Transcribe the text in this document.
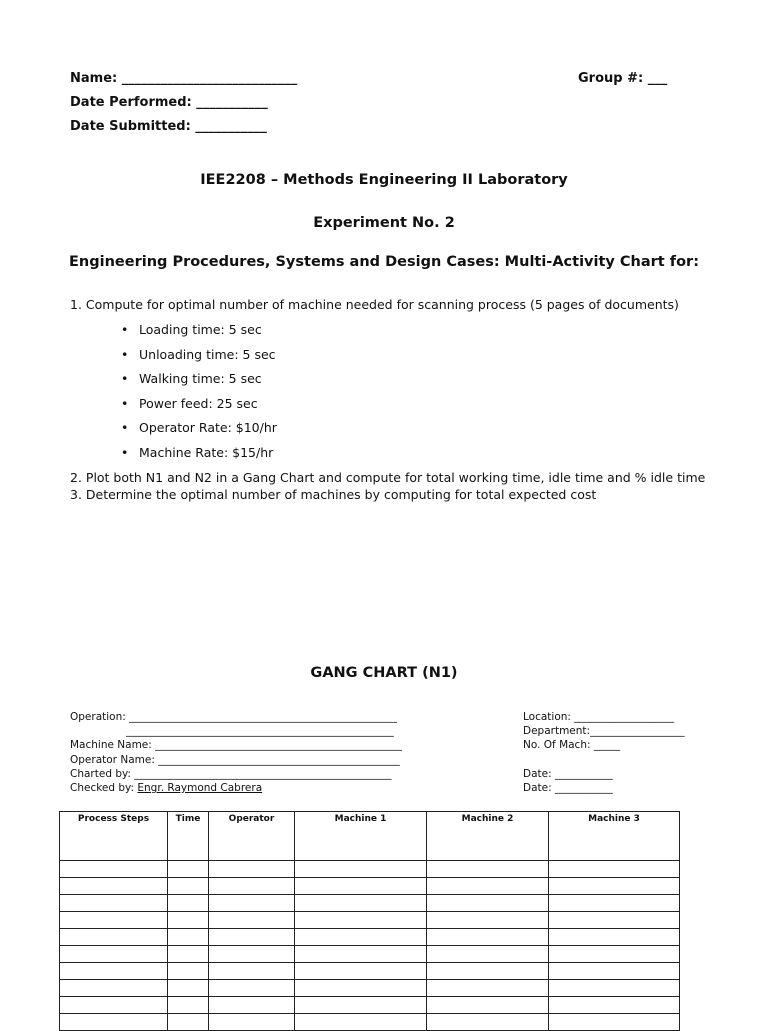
Name: ___________________________	Group #: ___
Date Performed: ___________
Date Submitted: ___________
IEE2208 – Methods Engineering II Laboratory
Experiment No. 2
Engineering Procedures, Systems and Design Cases: Multi-Activity Chart for:
1. Compute for optimal number of machine needed for scanning process (5 pages of documents)
• Loading time: 5 sec
• Unloading time: 5 sec
• Walking time: 5 sec
• Power feed: 25 sec
• Operator Rate: $10/hr
• Machine Rate: $15/hr
2. Plot both N1 and N2 in a Gang Chart and compute for total working time, idle time and % idle time
3. Determine the optimal number of machines by computing for total expected cost
GANG CHART (N1)
Operation: ___________________________________________________
___________________________________________________
Machine Name: _______________________________________________
Operator Name: ______________________________________________
Charted by: _________________________________________________
Checked by: Engr. Raymond Cabrera
Location: ___________________
Department:__________________
No. Of Mach: _____
Date: ___________
Date: ___________
Process Steps	Time	Operator	Machine 1	Machine 2	Machine 3
